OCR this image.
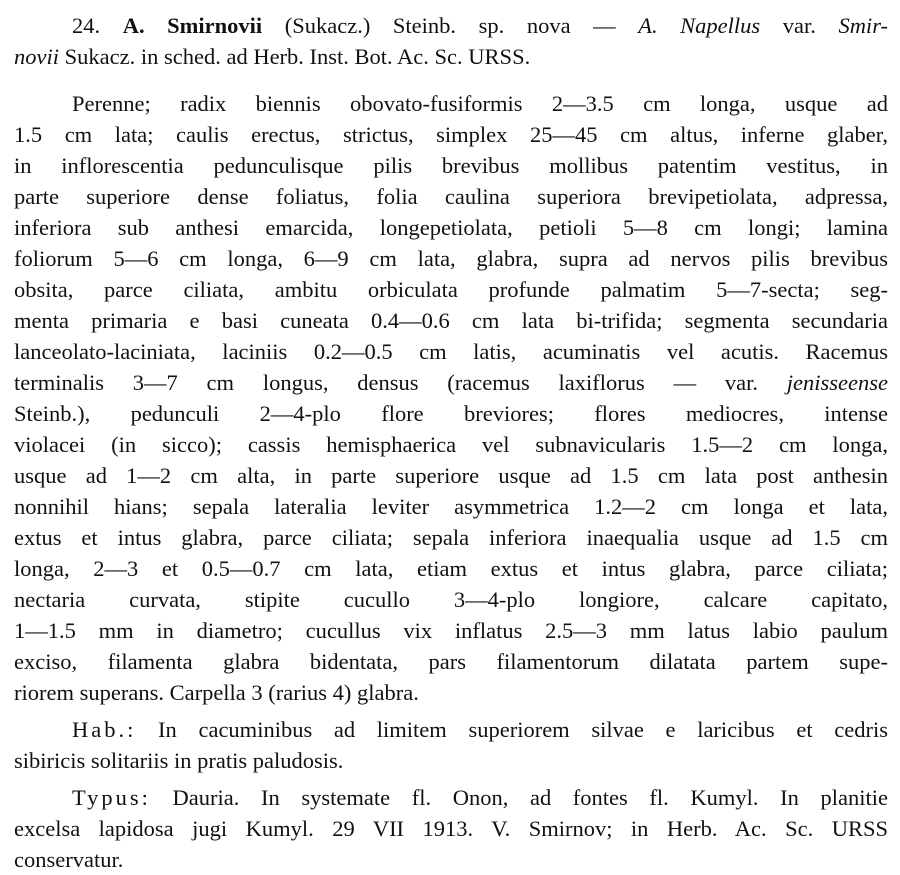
24. A. Smirnovii (Sukacz.) Steinb. sp. nova — A. Napellus var. Smir-
novii Sukacz. in sched. ad Herb. Inst. Bot. Ac. Sc. URSS.
Perenne; radix biennis obovato-fusiformis 2—3.5 cm longa, usque ad
1.5 cm lata; caulis erectus, strictus, simplex 25—45 cm altus, inferne glaber,
in inflorescentia pedunculisque pilis brevibus mollibus patentim vestitus, in
parte superiore dense foliatus, folia caulina superiora brevipetiolata, adpressa,
inferiora sub anthesi emarcida, longepetiolata, petioli 5—8 cm longi; lamina
foliorum 5—6 cm longa, 6—9 cm lata, glabra, supra ad nervos pilis brevibus
obsita, parce ciliata, ambitu orbiculata profunde palmatim 5—7-secta; seg-
menta primaria e basi cuneata 0.4—0.6 cm lata bi-trifida; segmenta secundaria
lanceolato-laciniata, laciniis 0.2—0.5 cm latis, acuminatis vel acutis. Racemus
terminalis 3—7 cm longus, densus (racemus laxiflorus — var. jenisseense
Steinb.), pedunculi 2—4-plo flore breviores; flores mediocres, intense
violacei (in sicco); cassis hemisphaerica vel subnavicularis 1.5—2 cm longa,
usque ad 1—2 cm alta, in parte superiore usque ad 1.5 cm lata post anthesin
nonnihil hians; sepala lateralia leviter asymmetrica 1.2—2 cm longa et lata,
extus et intus glabra, parce ciliata; sepala inferiora inaequalia usque ad 1.5 cm
longa, 2—3 et 0.5—0.7 cm lata, etiam extus et intus glabra, parce ciliata;
nectaria curvata, stipite cucullo 3—4-plo longiore, calcare capitato,
1—1.5 mm in diametro; cucullus vix inflatus 2.5—3 mm latus labio paulum
exciso, filamenta glabra bidentata, pars filamentorum dilatata partem supe-
riorem superans. Carpella 3 (rarius 4) glabra.
Hab.: In cacuminibus ad limitem superiorem silvae e laricibus et cedris
sibiricis solitariis in pratis paludosis.
Typus: Dauria. In systemate fl. Onon, ad fontes fl. Kumyl. In planitie
excelsa lapidosa jugi Kumyl. 29 VII 1913. V. Smirnov; in Herb. Ac. Sc. URSS
conservatur.
